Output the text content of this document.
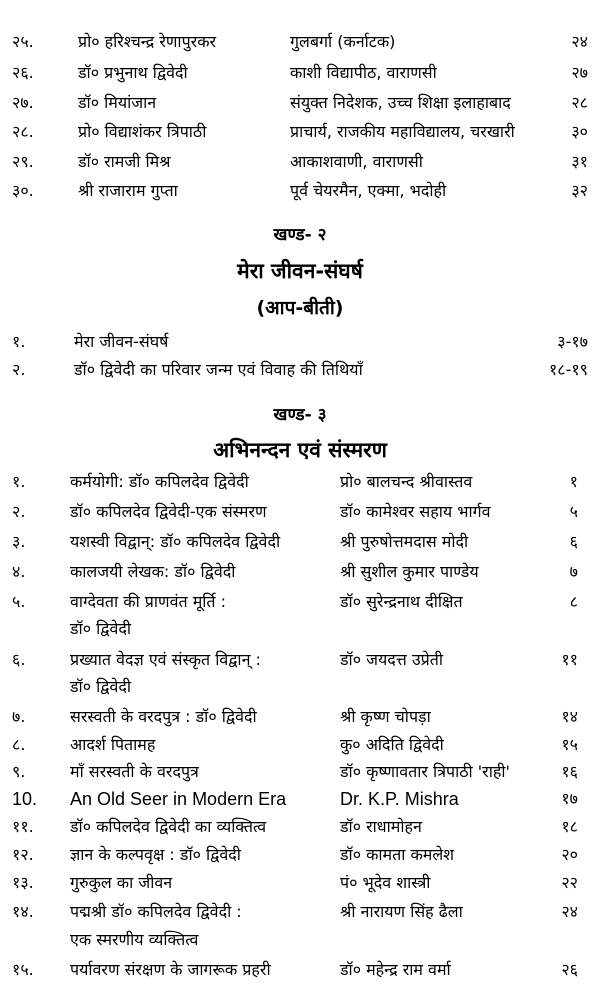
२५.	प्रो० हरिश्चन्द्र रेणापुरकर	गुलबर्गा (कर्नाटक)	२४
२६.	डॉ० प्रभुनाथ द्विवेदी	काशी विद्यापीठ, वाराणसी	२७
२७.	डॉ० मियांजान	संयुक्त निदेशक, उच्च शिक्षा इलाहाबाद	२८
२८.	प्रो० विद्याशंकर त्रिपाठी	प्राचार्य, राजकीय महाविद्यालय, चरखारी	३०
२९.	डॉ० रामजी मिश्र	आकाशवाणी, वाराणसी	३१
३०.	श्री राजाराम गुप्ता	पूर्व चेयरमैन, एक्मा, भदोही	३२
खण्ड- २
मेरा जीवन-संघर्ष
(आप-बीती)
१.	मेरा जीवन-संघर्ष	३-१७
२.	डॉ० द्विवेदी का परिवार जन्म एवं विवाह की तिथियाँ	१८-१९
खण्ड- ३
अभिनन्दन एवं संस्मरण
१.	कर्मयोगी: डॉ० कपिलदेव द्विवेदी	प्रो० बालचन्द श्रीवास्तव	१
२.	डॉ० कपिलदेव द्विवेदी-एक संस्मरण	डॉ० कामेश्वर सहाय भार्गव	५
३.	यशस्वी विद्वान्: डॉ० कपिलदेव द्विवेदी	श्री पुरुषोत्तमदास मोदी	६
४.	कालजयी लेखक: डॉ० द्विवेदी	श्री सुशील कुमार पाण्डेय	७
५.	वाग्देवता की प्राणवंत मूर्ति :	डॉ० सुरेन्द्रनाथ दीक्षित	८
डॉ० द्विवेदी
६.	प्रख्यात वेदज्ञ एवं संस्कृत विद्वान् :	डॉ० जयदत्त उप्रेती	११
डॉ० द्विवेदी
७.	सरस्वती के वरदपुत्र : डॉ० द्विवेदी	श्री कृष्ण चोपड़ा	१४
८.	आदर्श पितामह	कु० अदिति द्विवेदी	१५
९.	माँ सरस्वती के वरदपुत्र	डॉ० कृष्णावतार त्रिपाठी 'राही'	१६
10. An Old Seer in Modern Era	Dr. K.P. Mishra	१७
११. डॉ० कपिलदेव द्विवेदी का व्यक्तित्व	डॉ० राधामोहन	१८
१२. ज्ञान के कल्पवृक्ष : डॉ० द्विवेदी	डॉ० कामता कमलेश	२०
१३. गुरुकुल का जीवन	पं० भूदेव शास्त्री	२२
१४. पद्मश्री डॉ० कपिलदेव द्विवेदी :	श्री नारायण सिंह ढैला	२४
एक स्मरणीय व्यक्तित्व
१५. पर्यावरण संरक्षण के जागरूक प्रहरी	डॉ० महेन्द्र राम वर्मा	२६
